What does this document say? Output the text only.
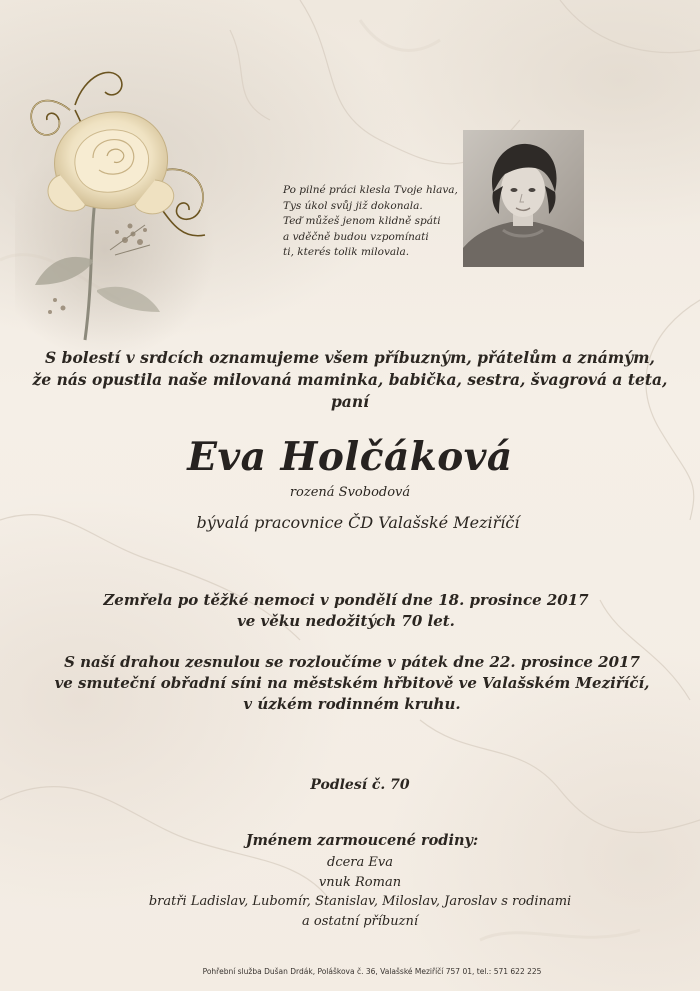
Po pilné práci klesla Tvoje hlava,
Tys úkol svůj již dokonala.
Teď můžeš jenom klidně spáti
a vděčně budou vzpomínati
ti, kterés tolik milovala.
S bolestí v srdcích oznamujeme všem příbuzným, přátelům a známým,
že nás opustila naše milovaná maminka, babička, sestra, švagrová a teta,
paní
Eva Holčáková
rozená Svobodová
bývalá pracovnice ČD Valašské Meziříčí
Zemřela po těžké nemoci v pondělí dne 18. prosince 2017
ve věku nedožitých 70 let.
S naší drahou zesnulou se rozloučíme v pátek dne 22. prosince 2017
ve smuteční obřadní síni na městském hřbitově ve Valašském Meziříčí,
v úzkém rodinném kruhu.
Podlesí č. 70
Jménem zarmoucené rodiny:
dcera Eva
vnuk Roman
bratři Ladislav, Lubomír, Stanislav, Miloslav, Jaroslav s rodinami
a ostatní příbuzní
Pohřební služba Dušan Drdák, Poláškova č. 36, Valašské Meziříčí 757 01, tel.: 571 622 225
